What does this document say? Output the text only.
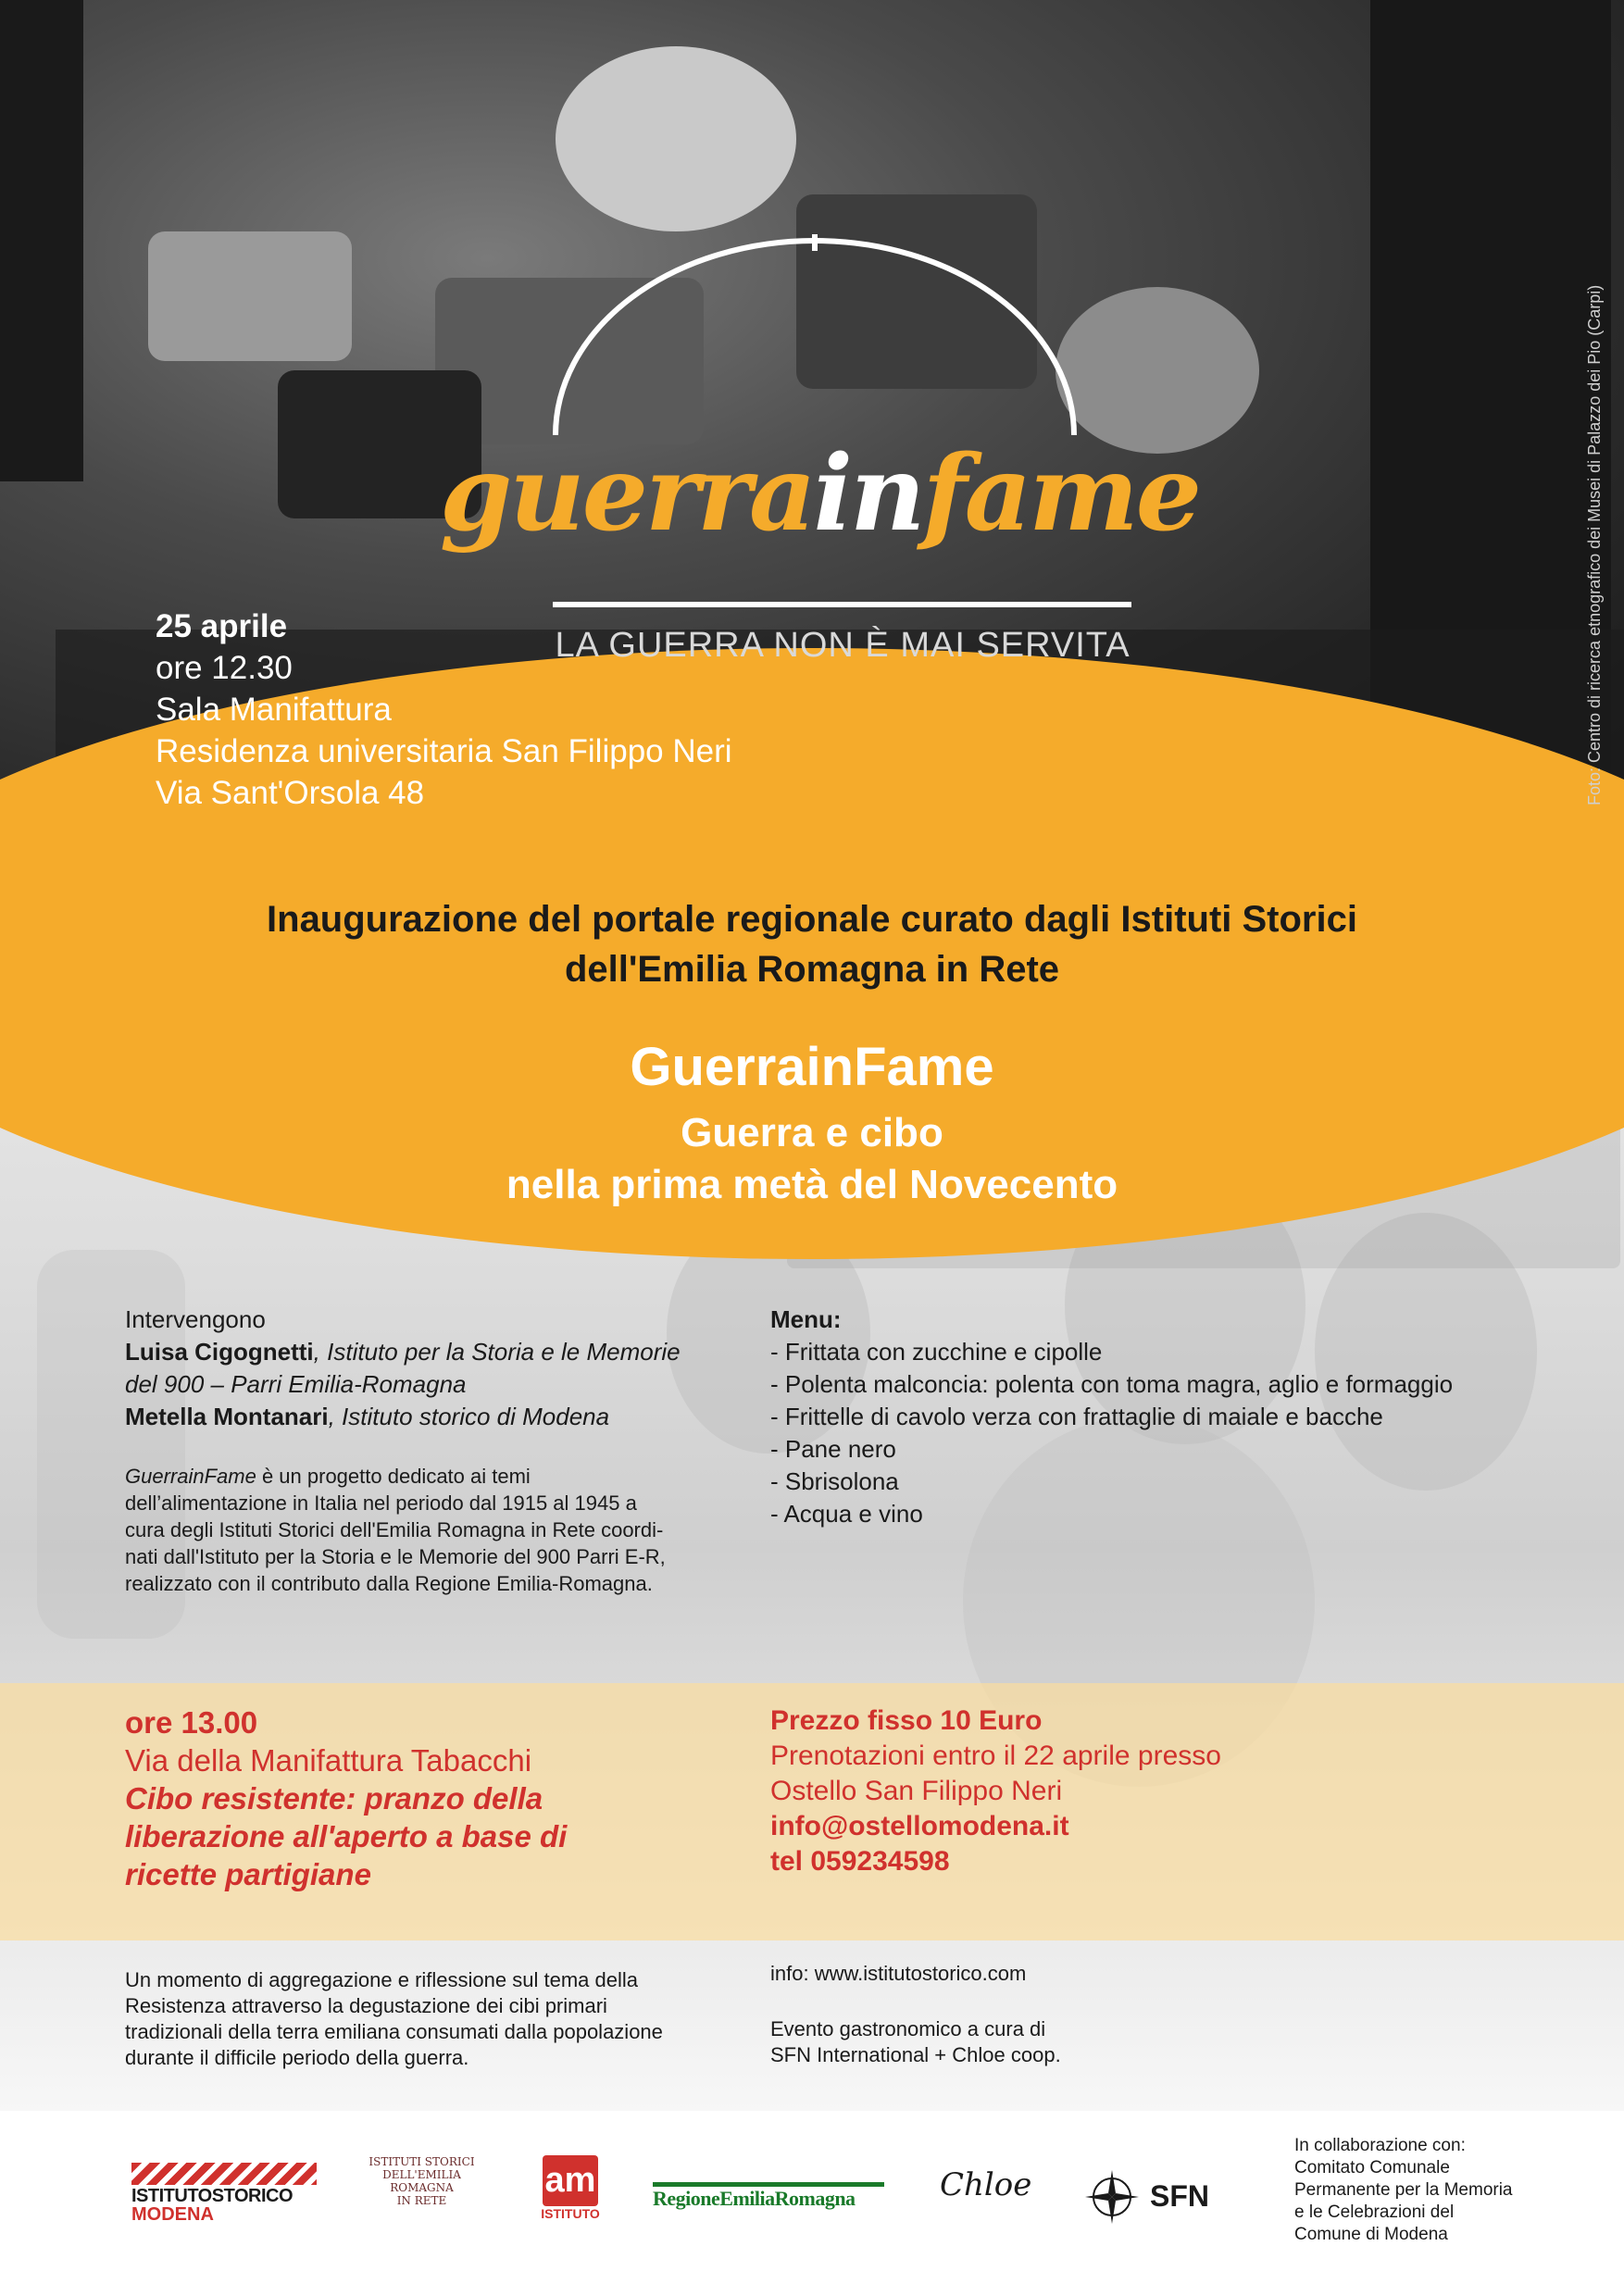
guerrainfame
LA GUERRA NON È MAI SERVITA
25 aprile
ore 12.30
Sala Manifattura
Residenza universitaria San Filippo Neri
Via Sant'Orsola 48	Foto: Centro di ricerca etnografico dei Musei di Palazzo dei Pio (Carpi)
Inaugurazione del portale regionale curato dagli Istituti Storici
dell'Emilia Romagna in Rete
GuerrainFame
Guerra e cibo
nella prima metà del Novecento
Intervengono
Luisa Cigognetti, Istituto per la Storia e le Memorie
del 900 – Parri Emilia-Romagna
Metella Montanari, Istituto storico di Modena
GuerrainFame è un progetto dedicato ai temi
dell’alimentazione in Italia nel periodo dal 1915 al 1945 a
cura degli Istituti Storici dell'Emilia Romagna in Rete coordi-
nati dall'Istituto per la Storia e le Memorie del 900 Parri E-R,
realizzato con il contributo dalla Regione Emilia-Romagna.
Menu:
- Frittata con zucchine e cipolle
- Polenta malconcia: polenta con toma magra, aglio e formaggio
- Frittelle di cavolo verza con frattaglie di maiale e bacche
- Pane nero
- Sbrisolona
- Acqua e vino
ore 13.00
Via della Manifattura Tabacchi
Cibo resistente: pranzo della
liberazione all'aperto a base di
ricette partigiane
Prezzo fisso 10 Euro
Prenotazioni entro il 22 aprile presso
Ostello San Filippo Neri
info@ostellomodena.it
tel 059234598
Un momento di aggregazione e riflessione sul tema della
Resistenza attraverso la degustazione dei cibi primari
tradizionali della terra emiliana consumati dalla popolazione
durante il difficile periodo della guerra.
info: www.istitutostorico.com
Evento gastronomico a cura di
SFN International + Chloe coop.
ISTITUTOSTORICO
MODENA
ISTITUTI STORICI
DELL'EMILIA
ROMAGNA
IN RETE
am
ISTITUTO
RegioneEmiliaRomagna	Chloe	SFN
In collaborazione con:
Comitato Comunale
Permanente per la Memoria
e le Celebrazioni del
Comune di Modena
